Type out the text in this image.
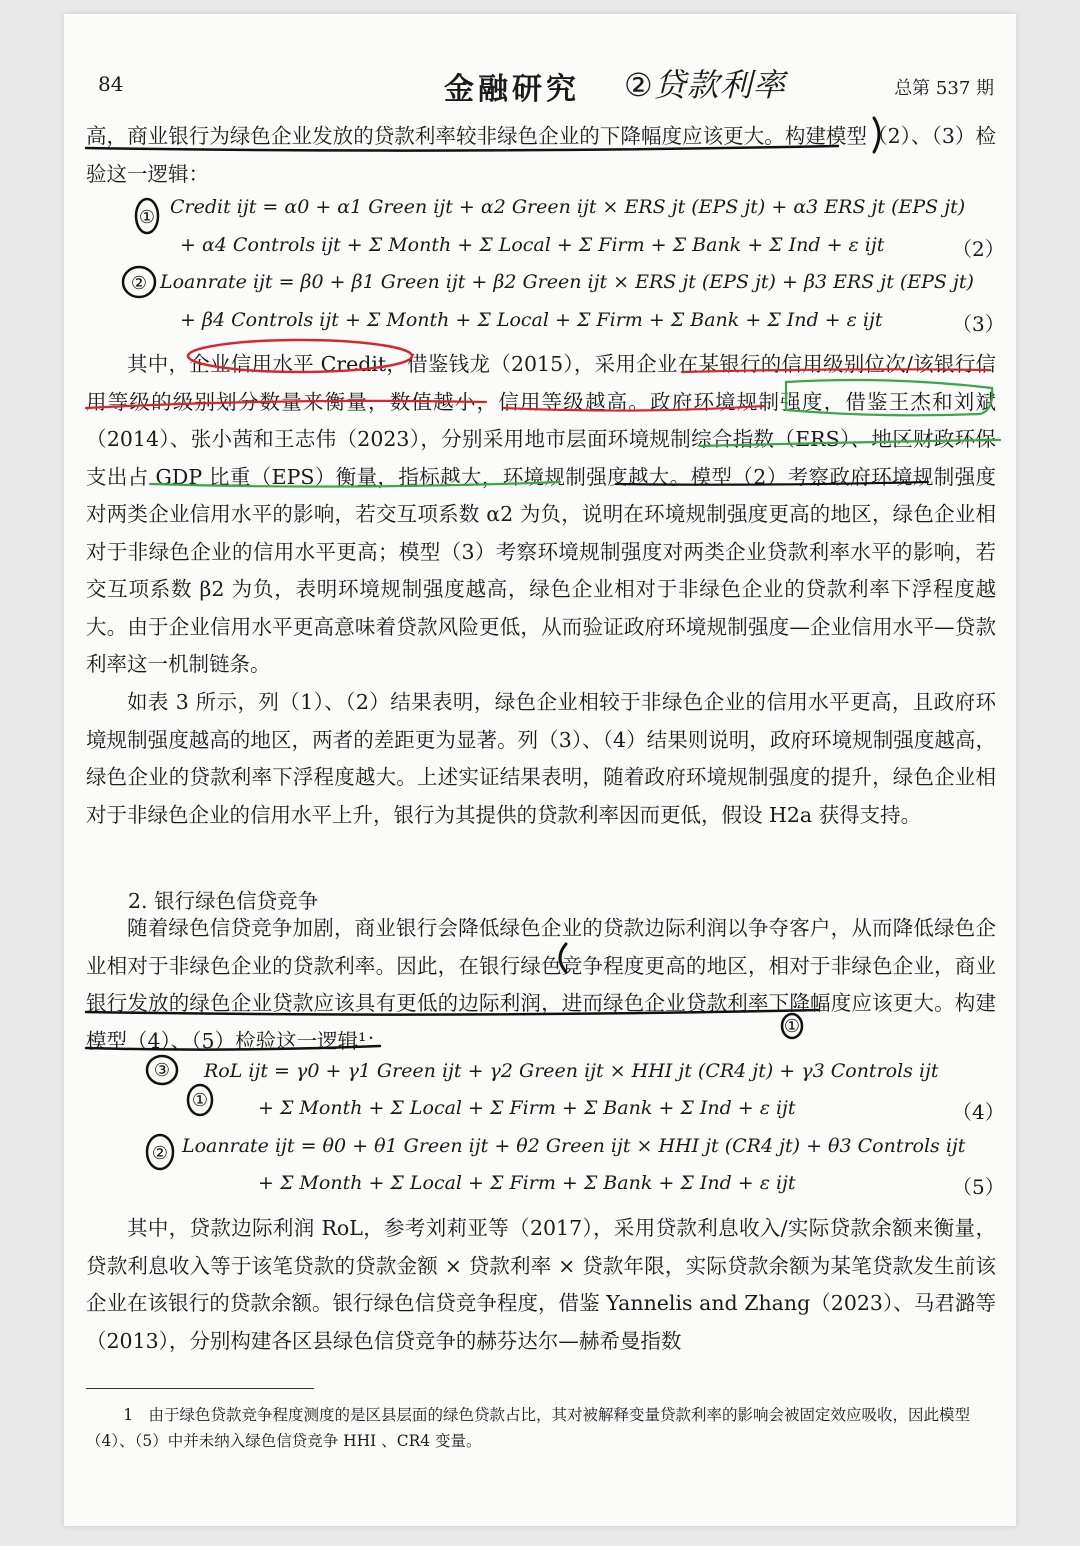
84	金融研究 ②贷款利率	总第 537 期

高，商业银行为绿色企业发放的贷款利率较非绿色企业的下降幅度应该更大。构建模型（2）、（3）检验这一逻辑：

Credit ijt = α0 + α1 Green ijt + α2 Green ijt × ERS jt (EPS jt) + α3 ERS jt (EPS jt)
+ α4 Controls ijt + Σ Month + Σ Local + Σ Firm + Σ Bank + Σ Ind + ε ijt	（2）
Loanrate ijt = β0 + β1 Green ijt + β2 Green ijt × ERS jt (EPS jt) + β3 ERS jt (EPS jt)
+ β4 Controls ijt + Σ Month + Σ Local + Σ Firm + Σ Bank + Σ Ind + ε ijt	（3）

其中，企业信用水平 Credit，借鉴钱龙（2015），采用企业在某银行的信用级别位次/该银行信用等级的级别划分数量来衡量，数值越小，信用等级越高。政府环境规制强度，借鉴王杰和刘斌（2014）、张小茜和王志伟（2023），分别采用地市层面环境规制综合指数（ERS）、地区财政环保支出占 GDP 比重（EPS）衡量，指标越大，环境规制强度越大。模型（2）考察政府环境规制强度对两类企业信用水平的影响，若交互项系数 α2 为负，说明在环境规制强度更高的地区，绿色企业相对于非绿色企业的信用水平更高；模型（3）考察环境规制强度对两类企业贷款利率水平的影响，若交互项系数 β2 为负，表明环境规制强度越高，绿色企业相对于非绿色企业的贷款利率下浮程度越大。由于企业信用水平更高意味着贷款风险更低，从而验证政府环境规制强度—企业信用水平—贷款利率这一机制链条。

如表 3 所示，列（1）、（2）结果表明，绿色企业相较于非绿色企业的信用水平更高，且政府环境规制强度越高的地区，两者的差距更为显著。列（3）、（4）结果则说明，政府环境规制强度越高，绿色企业的贷款利率下浮程度越大。上述实证结果表明，随着政府环境规制强度的提升，绿色企业相对于非绿色企业的信用水平上升，银行为其提供的贷款利率因而更低，假设 H2a 获得支持。

2. 银行绿色信贷竞争

随着绿色信贷竞争加剧，商业银行会降低绿色企业的贷款边际利润以争夺客户，从而降低绿色企业相对于非绿色企业的贷款利率。因此，在银行绿色竞争程度更高的地区，相对于非绿色企业，商业银行发放的绿色企业贷款应该具有更低的边际利润，进而绿色企业贷款利率下降幅度应该更大。构建模型（4）、（5）检验这一逻辑¹：

RoL ijt = γ0 + γ1 Green ijt + γ2 Green ijt × HHI jt (CR4 jt) + γ3 Controls ijt
+ Σ Month + Σ Local + Σ Firm + Σ Bank + Σ Ind + ε ijt	（4）
Loanrate ijt = θ0 + θ1 Green ijt + θ2 Green ijt × HHI jt (CR4 jt) + θ3 Controls ijt
+ Σ Month + Σ Local + Σ Firm + Σ Bank + Σ Ind + ε ijt	（5）

其中，贷款边际利润 RoL，参考刘莉亚等（2017），采用贷款利息收入/实际贷款余额来衡量，贷款利息收入等于该笔贷款的贷款金额 × 贷款利率 × 贷款年限，实际贷款余额为某笔贷款发生前该企业在该银行的贷款余额。银行绿色信贷竞争程度，借鉴 Yannelis and Zhang（2023）、马君潞等（2013），分别构建各区县绿色信贷竞争的赫芬达尔—赫希曼指数

1　由于绿色贷款竞争程度测度的是区县层面的绿色贷款占比，其对被解释变量贷款利率的影响会被固定效应吸收，因此模型（4）、（5）中并未纳入绿色信贷竞争 HHI 、CR4 变量。

①
②
①
③
①
②
